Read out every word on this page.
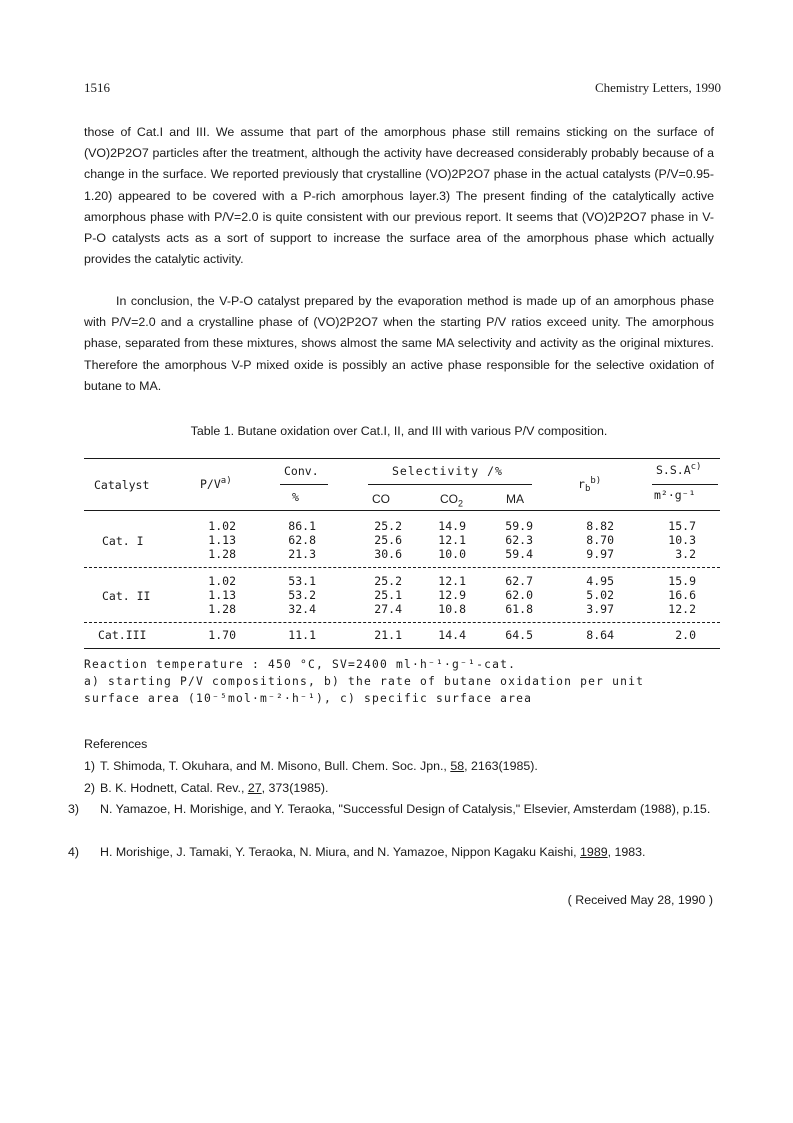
1516	Chemistry Letters, 1990
those of Cat.I and III. We assume that part of the amorphous phase still remains sticking on the surface of (VO)2P2O7 particles after the treatment, although the activity have decreased considerably probably because of a change in the surface. We reported previously that crystalline (VO)2P2O7 phase in the actual catalysts (P/V=0.95-1.20) appeared to be covered with a P-rich amorphous layer.3) The present finding of the catalytically active amorphous phase with P/V=2.0 is quite consistent with our previous report. It seems that (VO)2P2O7 phase in V-P-O catalysts acts as a sort of support to increase the surface area of the amorphous phase which actually provides the catalytic activity.
In conclusion, the V-P-O catalyst prepared by the evaporation method is made up of an amorphous phase with P/V=2.0 and a crystalline phase of (VO)2P2O7 when the starting P/V ratios exceed unity. The amorphous phase, separated from these mixtures, shows almost the same MA selectivity and activity as the original mixtures. Therefore the amorphous V-P mixed oxide is possibly an active phase responsible for the selective oxidation of butane to MA.
Table 1. Butane oxidation over Cat.I, II, and III with various P/V composition.
Catalyst	$P/V^{a)}$
Conv.
%
Selectivity /%
CO	$CO_2$	MA
$r_b^{b)}$
$S.S.A^{c)}$
m²·g⁻¹
Cat. I
1.02	86.1	25.2	14.9	59.9	8.82	15.7
1.13	62.8	25.6	12.1	62.3	8.70	10.3
1.28	21.3	30.6	10.0	59.4	9.97	3.2
Cat. II
1.02	53.1	25.2	12.1	62.7	4.95	15.9
1.13	53.2	25.1	12.9	62.0	5.02	16.6
1.28	32.4	27.4	10.8	61.8	3.97	12.2
Cat.III	1.70	11.1	21.1	14.4	64.5	8.64	2.0
Reaction temperature : 450 °C, SV=2400 ml·h⁻¹·g⁻¹-cat.
a) starting P/V compositions, b) the rate of butane oxidation per unit
surface area (10⁻⁵mol·m⁻²·h⁻¹), c) specific surface area
References
1) T. Shimoda, T. Okuhara, and M. Misono, Bull. Chem. Soc. Jpn., 58, 2163(1985).
2) B. K. Hodnett, Catal. Rev., 27, 373(1985).
3) N. Yamazoe, H. Morishige, and Y. Teraoka, "Successful Design of Catalysis," Elsevier, Amsterdam (1988), p.15.
4) H. Morishige, J. Tamaki, Y. Teraoka, N. Miura, and N. Yamazoe, Nippon Kagaku Kaishi, 1989, 1983.
( Received May 28, 1990 )
